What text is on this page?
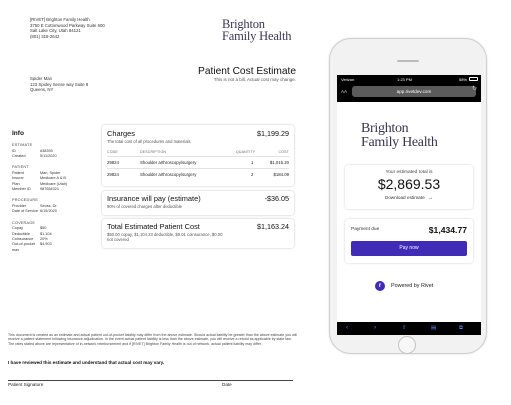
[RIVET] Brighton Family Health
3750 E Cottonwood Parkway Suite 600
Salt Lake City, Utah 84121
(801) 318-2642
Brighton
Family Health
Spider Man
123 Spidey Sense way Suite 8
Queens, NY
Patient Cost Estimate
This is not a bill. Actual cost may change.
Info
ESTIMATE
ID	#38393
Created	5/11/2020
PATIENT
Patient	Man, Spider
Insurer	Medicare A & B
Plan	Medicare (Utah)
Member ID	987654321
PROCEDURE
Provider	Seuss, Dr.
Date of Service 6/15/2020
COVERAGE
Copay	$50
Deductible	$1,104
Coinsurance	20%
Out-of-pocket max
$4,903
Charges	$1,199.29
The total cost of all procedures and materials
CODE	DESCRIPTION	QUANTITY	COST
29824	Shoulder arthroscopy/surgery	1	$1,015.20
29824	Shoulder arthroscopy/surgery	2	$184.09
Insurance will pay (estimate)	-$36.05
90% of covered charges after deductible
Total Estimated Patient Cost	$1,163.24
$50.00 copay, $1,104.23 deductible, $9.01 coinsurance, $0.00 not covered
This document is created as an estimate and actual patient out-of-pocket liability may differ from the above estimate. Should actual liability be greater than the above estimate you will receive a patient statement following insurance adjudication. In the event actual patient liability is less than the above estimate, you will receive a refund as applicable by state law. The rates stated above are representative of in-network reimbursement and if [RIVET] Brighton Family Health is out of network, actual patient liability may differ.
I have reviewed this estimate and understand that actual cost may vary.
Patient Signature	Date
Verizon	1:23 PM	58%
AA	app.rivetdev.com	↻
Brighton
Family Health
Your estimated total is
$2,869.53
Download estimate →
Payment due	$1,434.77
Pay now
r	Powered by Rivet
‹	›	⇧	▤	⧉
